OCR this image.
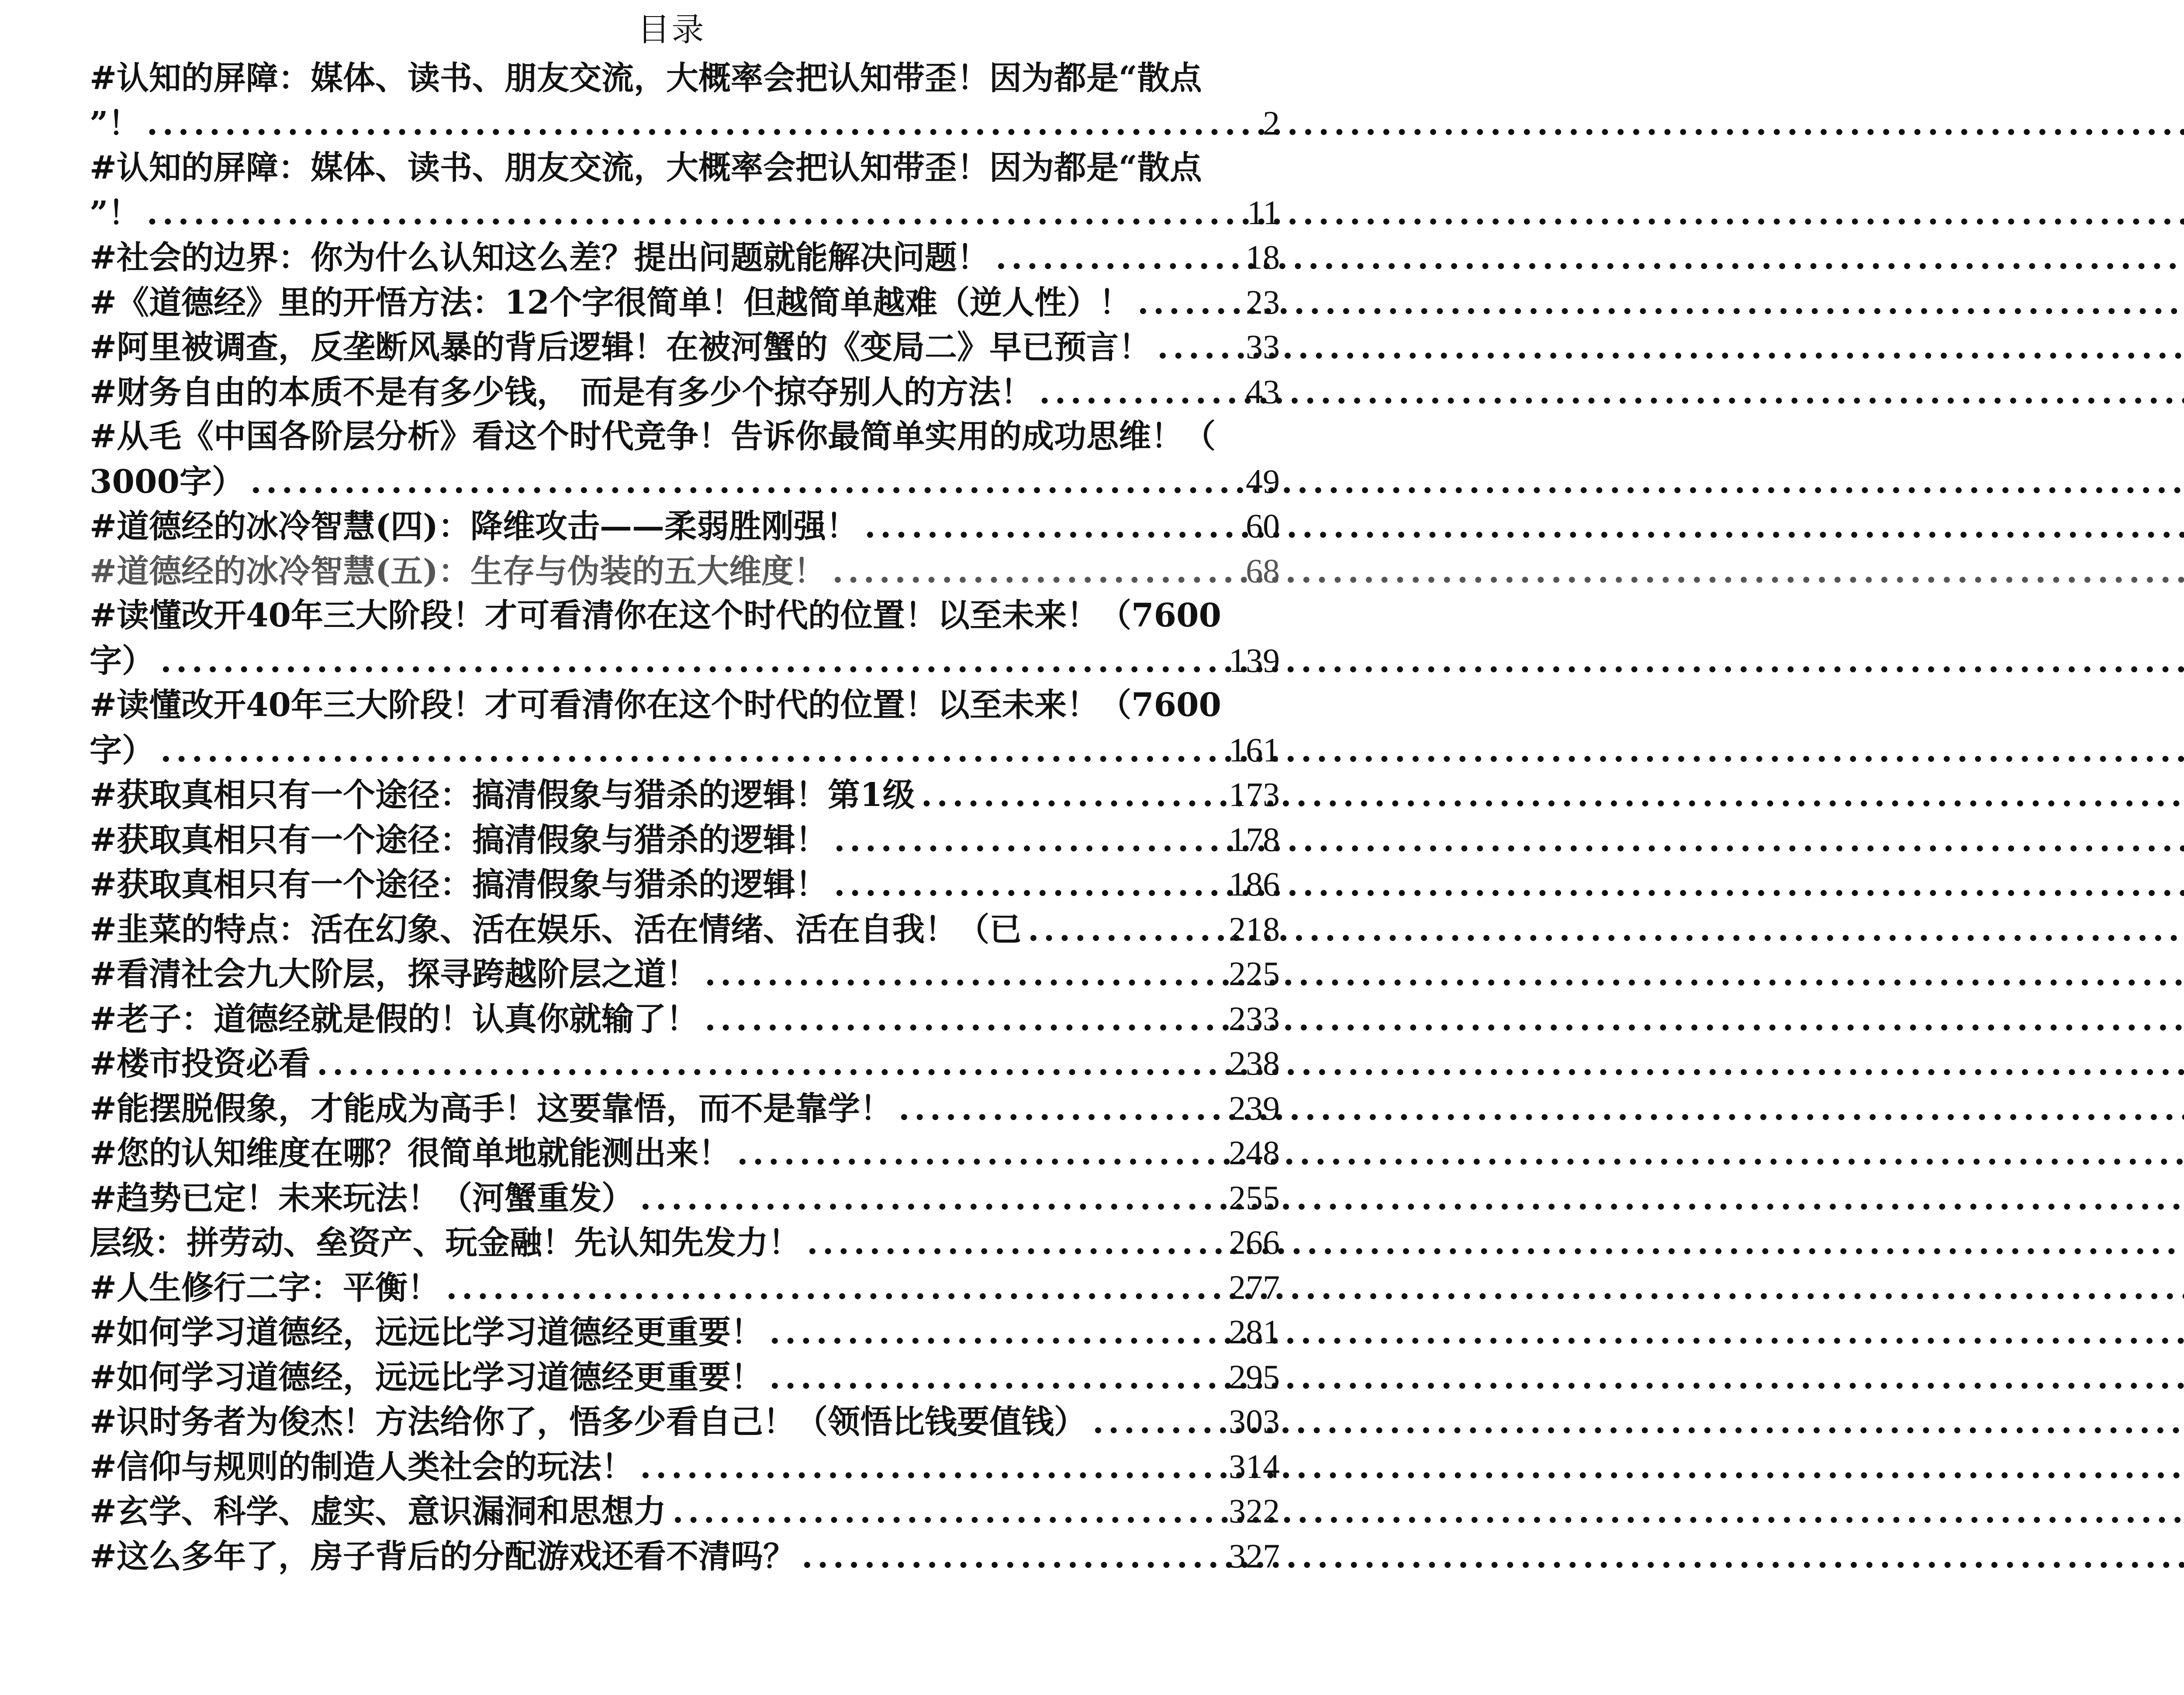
目录
#认知的屏障：媒体、读书、朋友交流，大概率会把认知带歪！因为都是“散点
”！ .....	2
#认知的屏障：媒体、读书、朋友交流，大概率会把认知带歪！因为都是“散点
”！ .....	11
#社会的边界：你为什么认知这么差？提出问题就能解决问题！ .....	18
#《道德经》里的开悟方法：12个字很简单！但越简单越难（逆人性）！ .....	23
#阿里被调查，反垄断风暴的背后逻辑！在被河蟹的《变局二》早已预言！ .....	33
#财务自由的本质不是有多少钱， 而是有多少个掠夺别人的方法！ .....	43
#从毛《中国各阶层分析》看这个时代竞争！告诉你最简单实用的成功思维！（
3000字） .....	49
#道德经的冰冷智慧(四)：降维攻击——柔弱胜刚强！ .....	60
#道德经的冰冷智慧(五)：生存与伪装的五大维度！ .....	68
#读懂改开40年三大阶段！才可看清你在这个时代的位置！以至未来！（7600
字） .....	139
#读懂改开40年三大阶段！才可看清你在这个时代的位置！以至未来！（7600
字） .....	161
#获取真相只有一个途径：搞清假象与猎杀的逻辑！第1级 .....	173
#获取真相只有一个途径：搞清假象与猎杀的逻辑！ .....	178
#获取真相只有一个途径：搞清假象与猎杀的逻辑！ .....	186
#韭菜的特点：活在幻象、活在娱乐、活在情绪、活在自我！（已 .....	218
#看清社会九大阶层，探寻跨越阶层之道！ .....	225
#老子：道德经就是假的！认真你就输了！ .....	233
#楼市投资必看 .....	238
#能摆脱假象，才能成为高手！这要靠悟，而不是靠学！ .....	239
#您的认知维度在哪？很简单地就能测出来！ .....	248
#趋势已定！未来玩法！（河蟹重发） .....	255
层级：拼劳动、垒资产、玩金融！先认知先发力！ .....	266
#人生修行二字：平衡！ .....	277
#如何学习道德经，远远比学习道德经更重要！ .....	281
#如何学习道德经，远远比学习道德经更重要！ .....	295
#识时务者为俊杰！方法给你了，悟多少看自己！（领悟比钱要值钱） .....	303
#信仰与规则的制造人类社会的玩法！ .....	314
#玄学、科学、虚实、意识漏洞和思想力 .....	322
#这么多年了，房子背后的分配游戏还看不清吗？ .....	327
